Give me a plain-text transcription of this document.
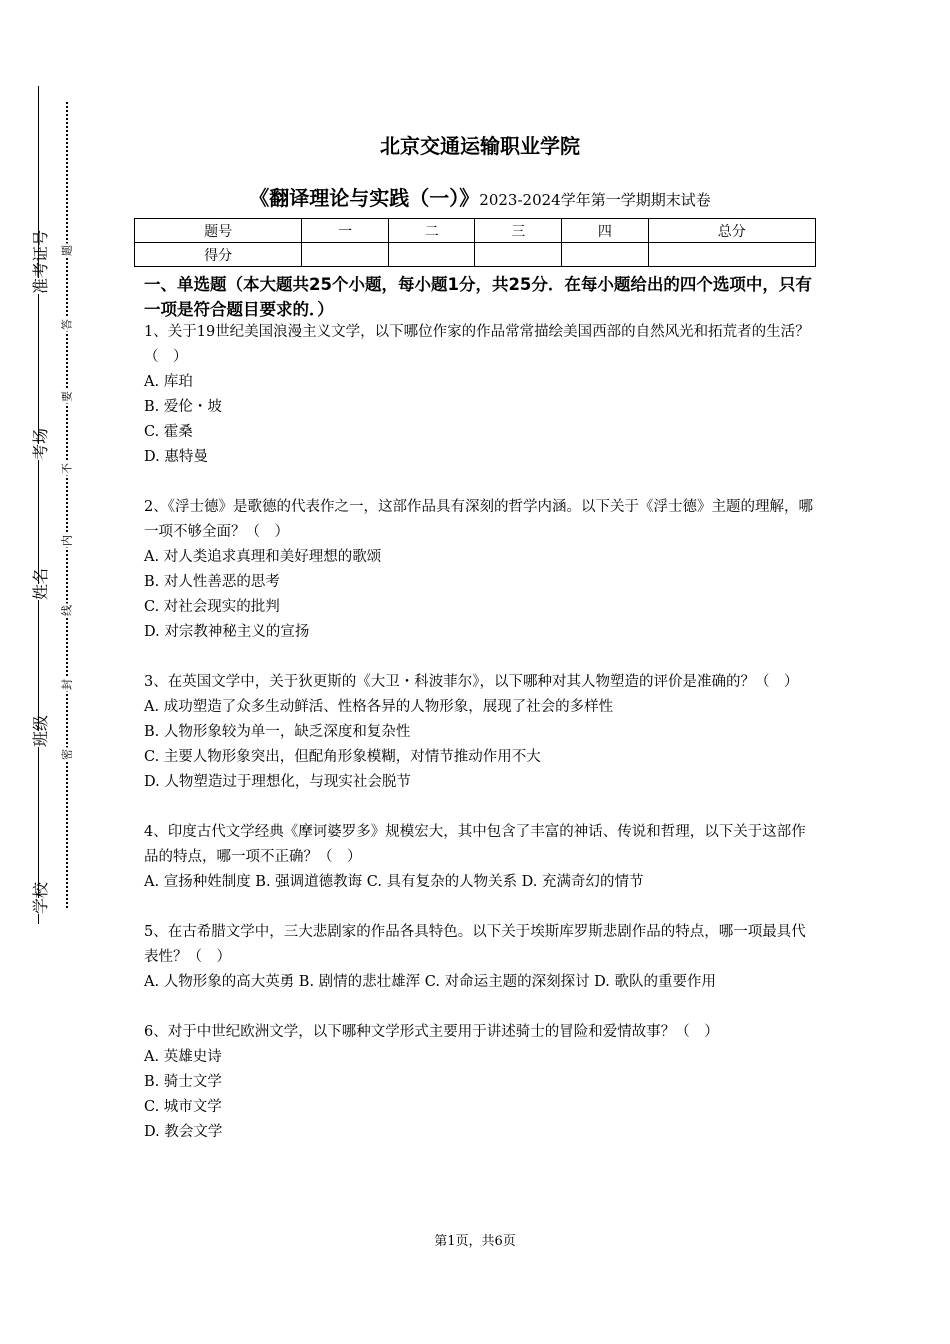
准考证号
考场
姓名
班级
学校
题
答
要
不
内
线
封
密
北京交通运输职业学院
《翻译理论与实践（一）》2023-2024学年第一学期期末试卷
题号	一	二	三	四	总分
得分					
一、单选题（本大题共25个小题，每小题1分，共25分．在每小题给出的四个选项中，只有一项是符合题目要求的．）

1、关于19世纪美国浪漫主义文学，以下哪位作家的作品常常描绘美国西部的自然风光和拓荒者的生活？（　）

A. 库珀

B. 爱伦・坡

C. 霍桑

D. 惠特曼

2、《浮士德》是歌德的代表作之一，这部作品具有深刻的哲学内涵。以下关于《浮士德》主题的理解，哪一项不够全面？（　）

A. 对人类追求真理和美好理想的歌颂

B. 对人性善恶的思考

C. 对社会现实的批判

D. 对宗教神秘主义的宣扬

3、在英国文学中，关于狄更斯的《大卫・科波菲尔》，以下哪种对其人物塑造的评价是准确的？（　）

A. 成功塑造了众多生动鲜活、性格各异的人物形象，展现了社会的多样性

B. 人物形象较为单一，缺乏深度和复杂性

C. 主要人物形象突出，但配角形象模糊，对情节推动作用不大

D. 人物塑造过于理想化，与现实社会脱节

4、印度古代文学经典《摩诃婆罗多》规模宏大，其中包含了丰富的神话、传说和哲理，以下关于这部作品的特点，哪一项不正确？（　）

A. 宣扬种姓制度 B. 强调道德教诲 C. 具有复杂的人物关系 D. 充满奇幻的情节

5、在古希腊文学中，三大悲剧家的作品各具特色。以下关于埃斯库罗斯悲剧作品的特点，哪一项最具代表性？（　）

A. 人物形象的高大英勇 B. 剧情的悲壮雄浑 C. 对命运主题的深刻探讨 D. 歌队的重要作用

6、对于中世纪欧洲文学，以下哪种文学形式主要用于讲述骑士的冒险和爱情故事？（　）

A. 英雄史诗

B. 骑士文学

C. 城市文学

D. 教会文学

第1页，共6页
